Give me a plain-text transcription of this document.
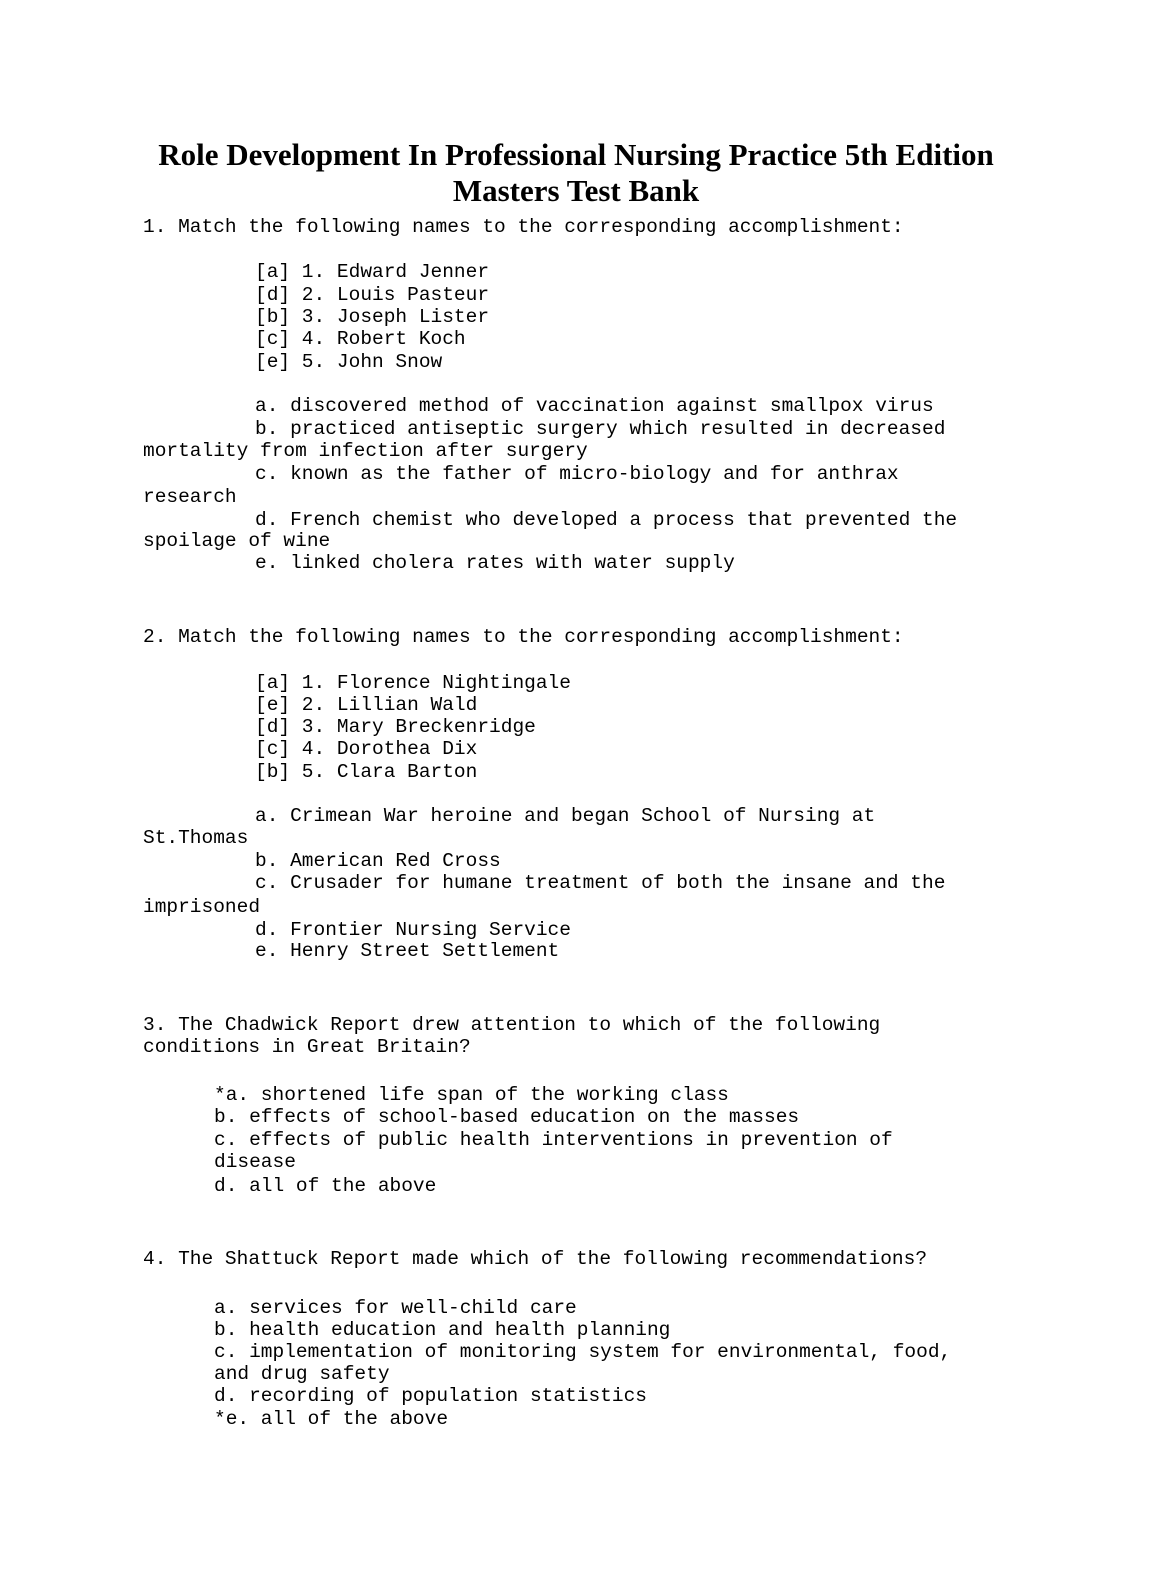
Role Development In Professional Nursing Practice 5th Edition
Masters Test Bank

1. Match the following names to the corresponding accomplishment:

[a] 1. Edward Jenner

[d] 2. Louis Pasteur

[b] 3. Joseph Lister

[c] 4. Robert Koch

[e] 5. John Snow

a. discovered method of vaccination against smallpox virus

b. practiced antiseptic surgery which resulted in decreased

mortality from infection after surgery

c. known as the father of micro-biology and for anthrax

research

d. French chemist who developed a process that prevented the

spoilage of wine

e. linked cholera rates with water supply

2. Match the following names to the corresponding accomplishment:

[a] 1. Florence Nightingale

[e] 2. Lillian Wald

[d] 3. Mary Breckenridge

[c] 4. Dorothea Dix

[b] 5. Clara Barton

a. Crimean War heroine and began School of Nursing at

St.Thomas

b. American Red Cross

c. Crusader for humane treatment of both the insane and the

imprisoned

d. Frontier Nursing Service

e. Henry Street Settlement

3. The Chadwick Report drew attention to which of the following

conditions in Great Britain?

*a. shortened life span of the working class

b. effects of school-based education on the masses

c. effects of public health interventions in prevention of

disease

d. all of the above

4. The Shattuck Report made which of the following recommendations?

a. services for well-child care

b. health education and health planning

c. implementation of monitoring system for environmental, food,

and drug safety

d. recording of population statistics

*e. all of the above
